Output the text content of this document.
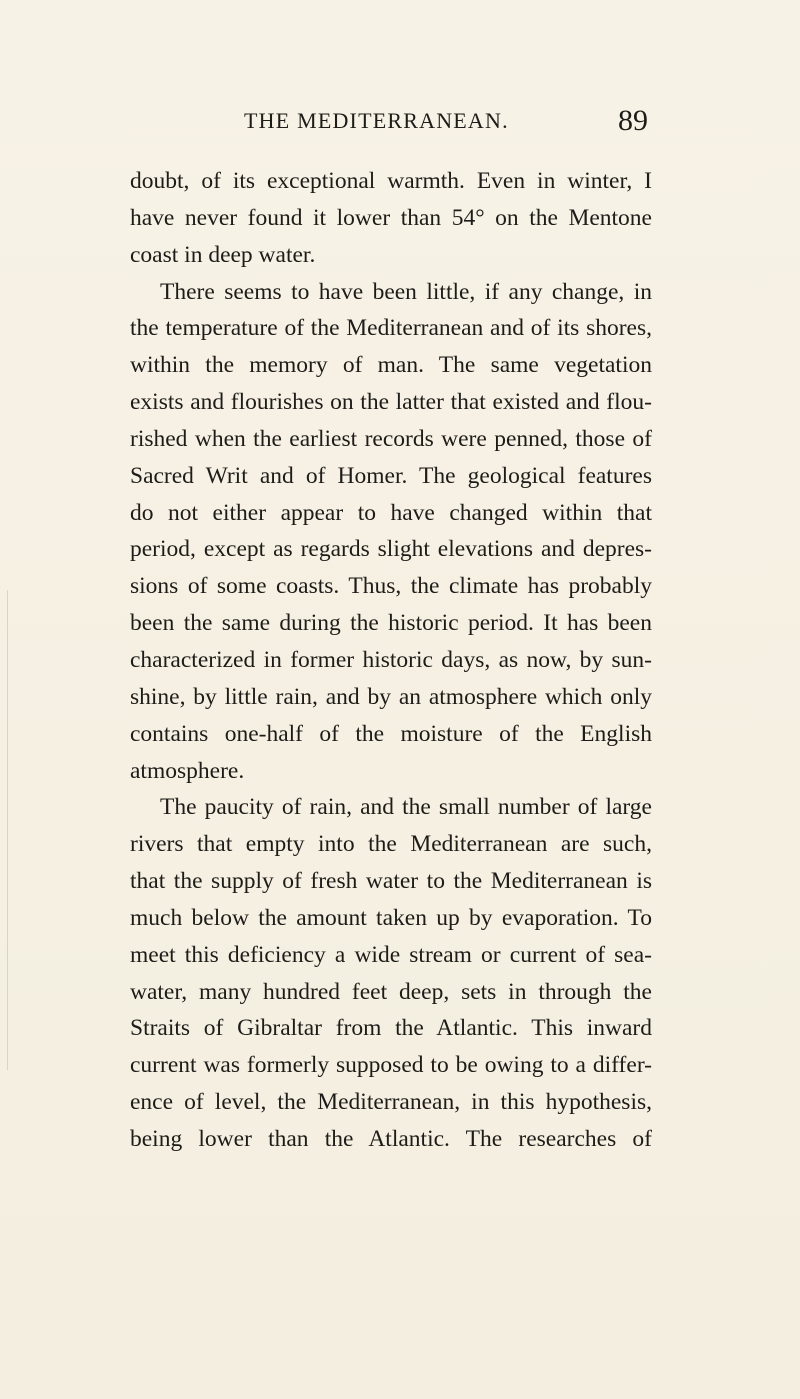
THE MEDITERRANEAN.	89
doubt, of its exceptional warmth. Even in winter, I
have never found it lower than 54° on the Mentone
coast in deep water.
There seems to have been little, if any change, in
the temperature of the Mediterranean and of its shores,
within the memory of man. The same vegetation
exists and flourishes on the latter that existed and flou-
rished when the earliest records were penned, those of
Sacred Writ and of Homer. The geological features
do not either appear to have changed within that
period, except as regards slight elevations and depres-
sions of some coasts. Thus, the climate has probably
been the same during the historic period. It has been
characterized in former historic days, as now, by sun-
shine, by little rain, and by an atmosphere which only
contains one-half of the moisture of the English
atmosphere.
The paucity of rain, and the small number of large
rivers that empty into the Mediterranean are such,
that the supply of fresh water to the Mediterranean is
much below the amount taken up by evaporation. To
meet this deficiency a wide stream or current of sea-
water, many hundred feet deep, sets in through the
Straits of Gibraltar from the Atlantic. This inward
current was formerly supposed to be owing to a differ-
ence of level, the Mediterranean, in this hypothesis,
being lower than the Atlantic. The researches of
